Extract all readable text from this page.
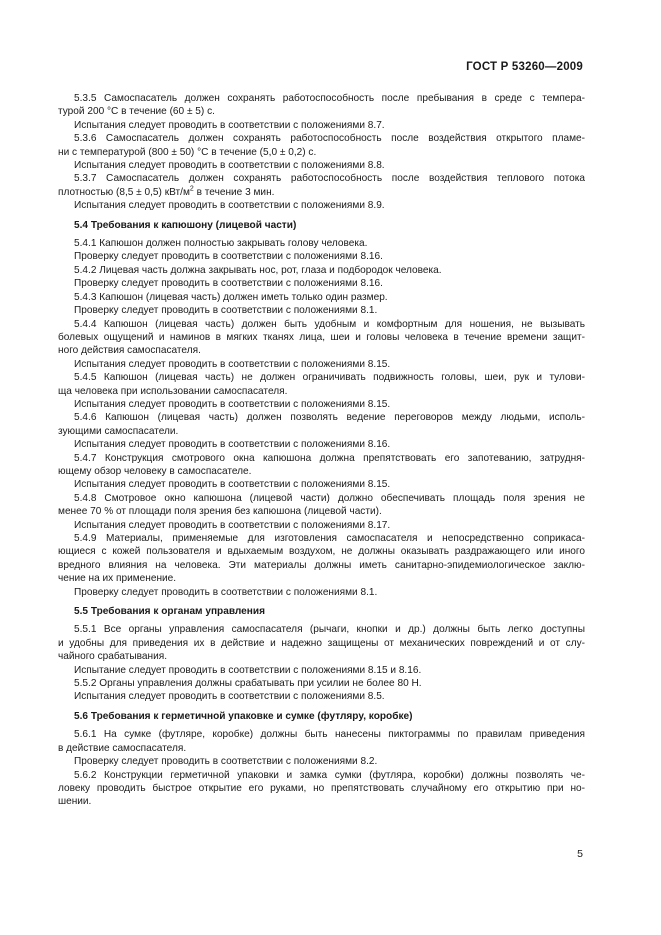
ГОСТ Р 53260—2009
5.3.5 Самоспасатель должен сохранять работоспособность после пребывания в среде с темпера-
турой 200 °С в течение (60 ± 5) с.
Испытания следует проводить в соответствии с положениями 8.7.
5.3.6 Самоспасатель должен сохранять работоспособность после воздействия открытого пламе-
ни с температурой (800 ± 50) °С в течение (5,0 ± 0,2) с.
Испытания следует проводить в соответствии с положениями 8.8.
5.3.7 Самоспасатель должен сохранять работоспособность после воздействия теплового потока
плотностью (8,5 ± 0,5) кВт/$м^2$ в течение 3 мин.
Испытания следует проводить в соответствии с положениями 8.9.
5.4 Требования к капюшону (лицевой части)
5.4.1 Капюшон должен полностью закрывать голову человека.
Проверку следует проводить в соответствии с положениями 8.16.
5.4.2 Лицевая часть должна закрывать нос, рот, глаза и подбородок человека.
Проверку следует проводить в соответствии с положениями 8.16.
5.4.3 Капюшон (лицевая часть) должен иметь только один размер.
Проверку следует проводить в соответствии с положениями 8.1.
5.4.4 Капюшон (лицевая часть) должен быть удобным и комфортным для ношения, не вызывать
болевых ощущений и наминов в мягких тканях лица, шеи и головы человека в течение времени защит-
ного действия самоспасателя.
Испытания следует проводить в соответствии с положениями 8.15.
5.4.5 Капюшон (лицевая часть) не должен ограничивать подвижность головы, шеи, рук и тулови-
ща человека при использовании самоспасателя.
Испытания следует проводить в соответствии с положениями 8.15.
5.4.6 Капюшон (лицевая часть) должен позволять ведение переговоров между людьми, исполь-
зующими самоспасатели.
Испытания следует проводить в соответствии с положениями 8.16.
5.4.7 Конструкция смотрового окна капюшона должна препятствовать его запотеванию, затрудня-
ющему обзор человеку в самоспасателе.
Испытания следует проводить в соответствии с положениями 8.15.
5.4.8 Смотровое окно капюшона (лицевой части) должно обеспечивать площадь поля зрения не
менее 70 % от площади поля зрения без капюшона (лицевой части).
Испытания следует проводить в соответствии с положениями 8.17.
5.4.9 Материалы, применяемые для изготовления самоспасателя и непосредственно соприкаса-
ющиеся с кожей пользователя и вдыхаемым воздухом, не должны оказывать раздражающего или иного
вредного влияния на человека. Эти материалы должны иметь санитарно-эпидемиологическое заклю-
чение на их применение.
Проверку следует проводить в соответствии с положениями 8.1.
5.5 Требования к органам управления
5.5.1 Все органы управления самоспасателя (рычаги, кнопки и др.) должны быть легко доступны
и удобны для приведения их в действие и надежно защищены от механических повреждений и от слу-
чайного срабатывания.
Испытание следует проводить в соответствии с положениями 8.15 и 8.16.
5.5.2 Органы управления должны срабатывать при усилии не более 80 Н.
Испытания следует проводить в соответствии с положениями 8.5.
5.6 Требования к герметичной упаковке и сумке (футляру, коробке)
5.6.1 На сумке (футляре, коробке) должны быть нанесены пиктограммы по правилам приведения
в действие самоспасателя.
Проверку следует проводить в соответствии с положениями 8.2.
5.6.2 Конструкции герметичной упаковки и замка сумки (футляра, коробки) должны позволять че-
ловеку проводить быстрое открытие его руками, но препятствовать случайному его открытию при но-
шении.
5
